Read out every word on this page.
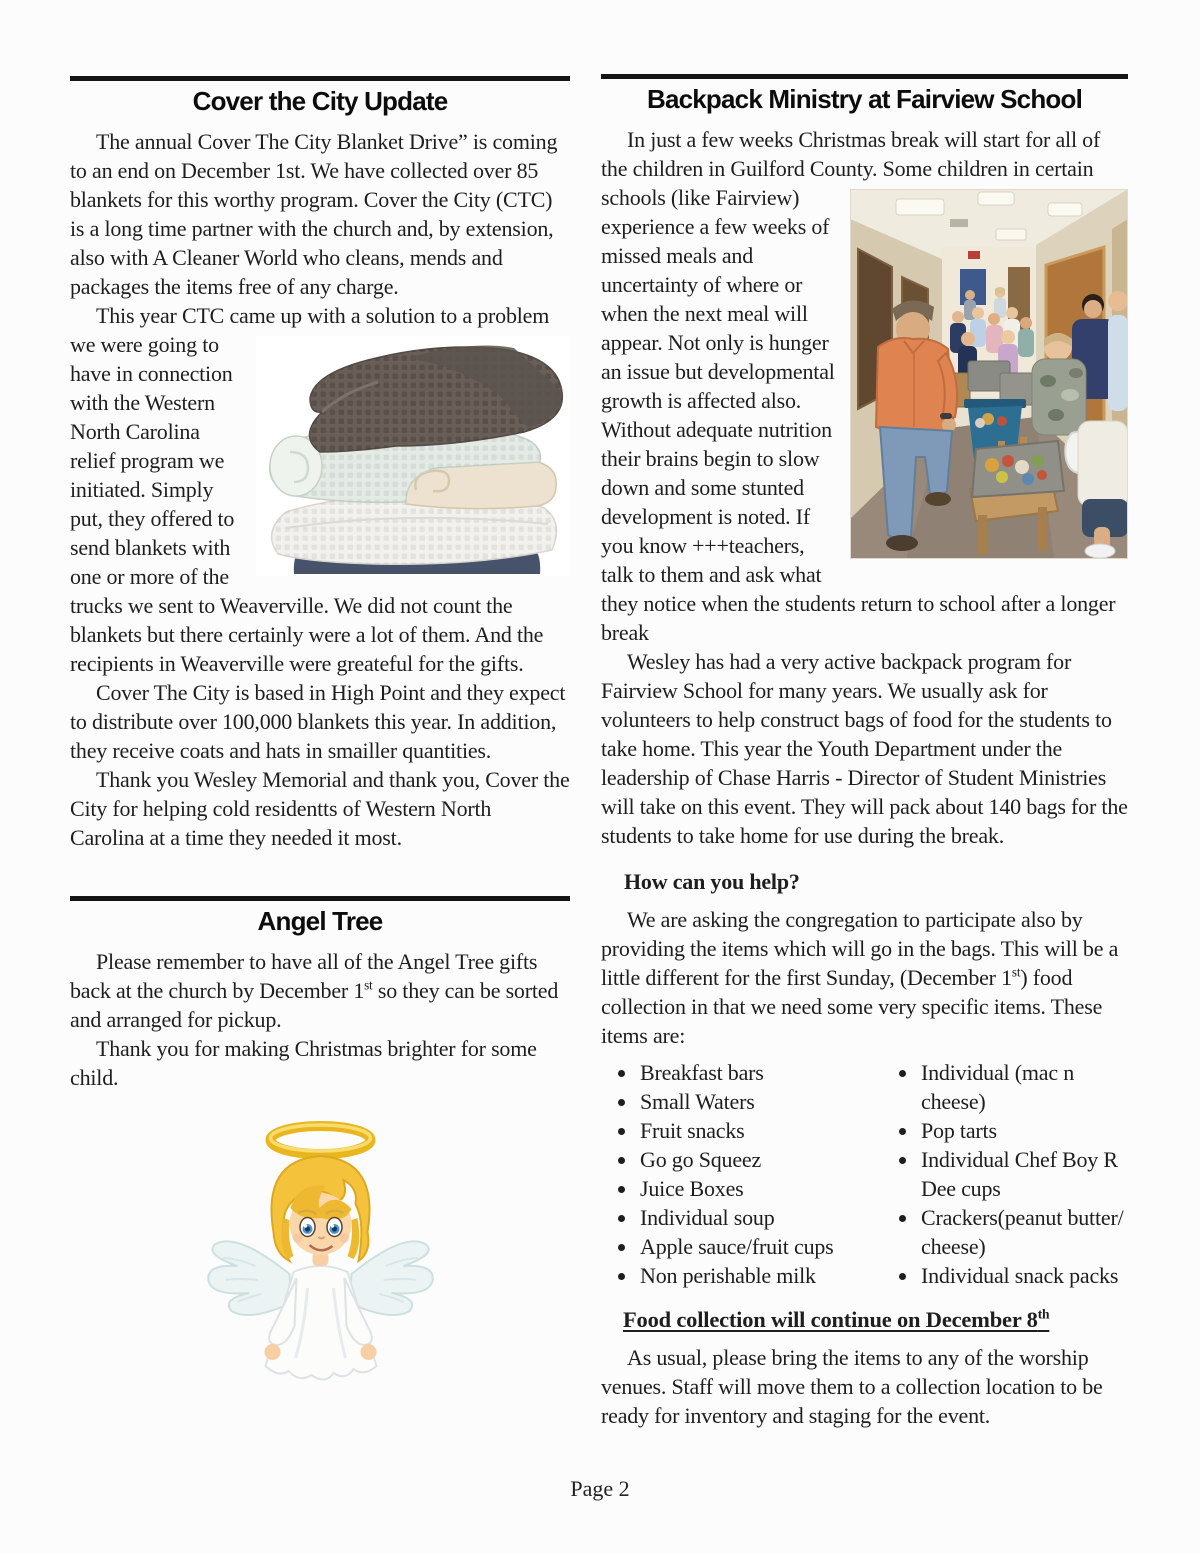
Cover the City Update

The annual Cover The City Blanket Drive” is coming to an end on December 1st. We have collected over 85 blankets for this worthy program. Cover the City (CTC) is a long time partner with the church and, by extension, also with A Cleaner World who cleans, mends and packages the items free of any charge.

This year CTC came up with a solution to a
problem we were going to have in connection with the Western North Carolina relief program we initiated. Simply put, they offered to send blankets with one or more of the trucks we sent to Weaverville. We did not count the blankets but there certainly were a lot of them. And the recipients in Weaverville were greateful for the gifts.

Cover The City is based in High Point and they expect to distribute over 100,000 blankets this year. In addition, they receive coats and hats in smailler quantities.

Thank you Wesley Memorial and thank you, Cover the City for helping cold residentts of Western North Carolina at a time they needed it most.

Angel Tree

Please remember to have all of the Angel Tree gifts back at the church by December 1st so they can be sorted and arranged for pickup.

Thank you for making Christmas brighter for some child.

Backpack Ministry at Fairview School

In just a few weeks Christmas break will start for all of the children in Guilford County. Some children in
certain schools (like Fairview) experience a few weeks of missed meals and uncertainty of where or when the next meal will appear. Not only is hunger an issue but developmental growth is affected also. Without adequate nutrition their brains begin to slow down and some stunted development is noted. If you know +++teachers, talk to them and ask what they notice when the students return to school after a longer break

Wesley has had a very active backpack program for Fairview School for many years. We usually ask for volunteers to help construct bags of food for the students to take home. This year the Youth Department under the leadership of Chase Harris - Director of Student Ministries will take on this event. They will pack about 140 bags for the students to take home for use during the break.

How can you help?

We are asking the congregation to participate also by providing the items which will go in the bags. This will be a little different for the first Sunday, (December 1st) food collection in that we need some very specific items. These items are:

• Breakfast bars
• Small Waters
• Fruit snacks
• Go go Squeez
• Juice Boxes
• Individual soup
• Apple sauce/fruit cups
• Non perishable milk
• Individual (mac n cheese)
• Pop tarts
• Individual Chef Boy R Dee cups
• Crackers(peanut butter/ cheese)
• Individual snack packs

Food collection will continue on December 8th

As usual, please bring the items to any of the worship venues. Staff will move them to a collection location to be ready for inventory and staging for the event.

Page 2
